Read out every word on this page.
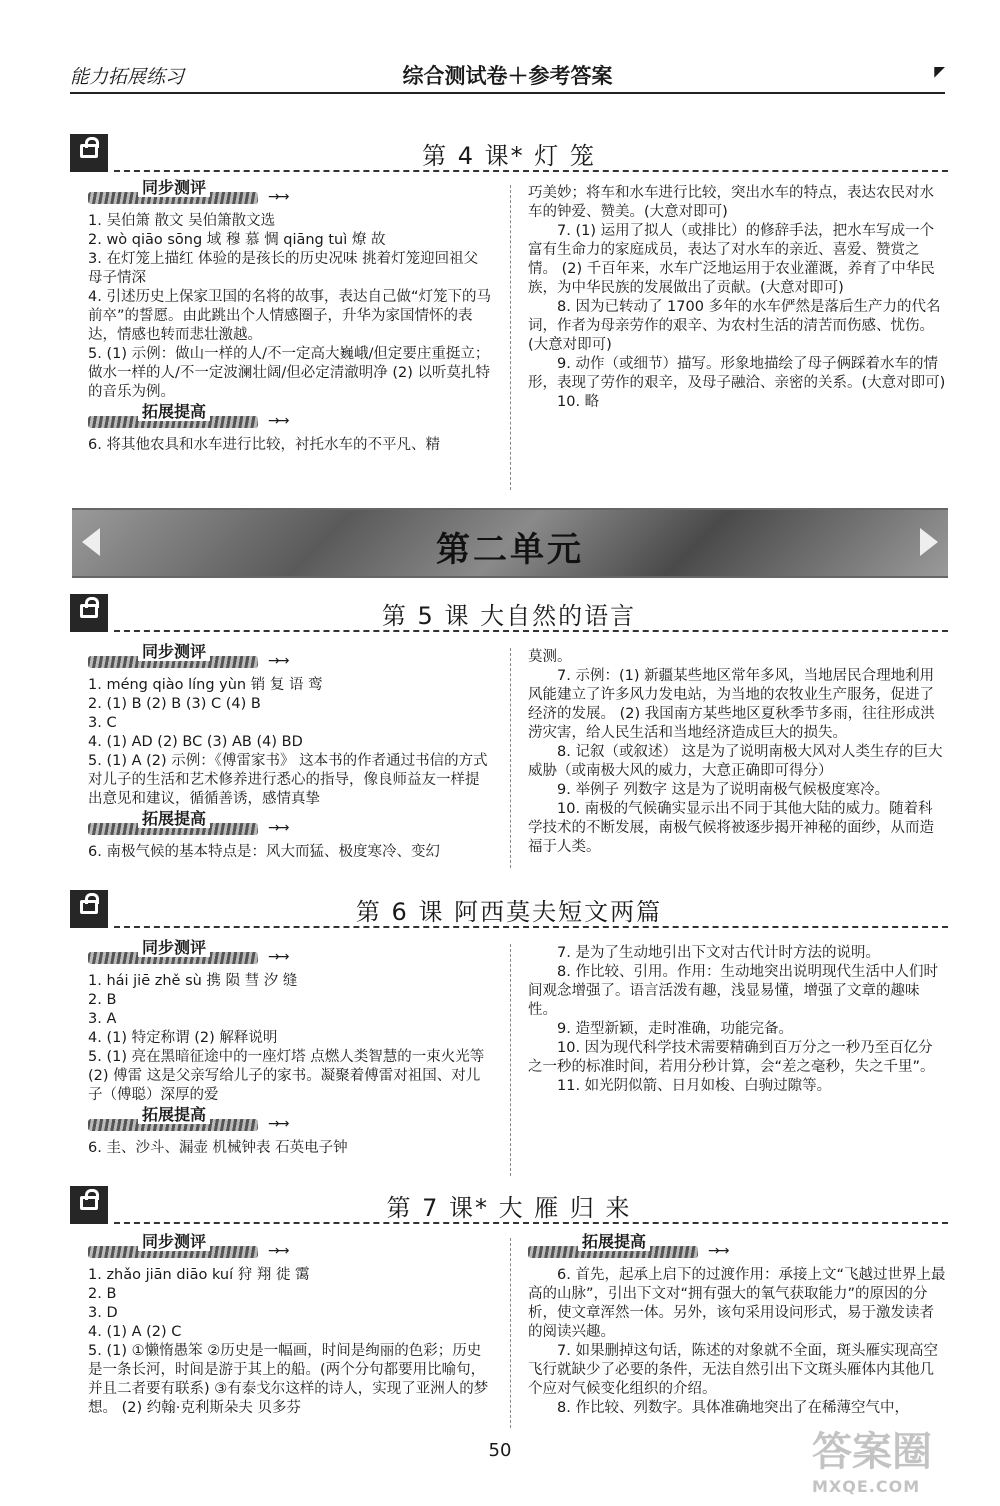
能力拓展练习	综合测试卷＋参考答案	◤
第 4 课* 灯 笼
同步测评	→→

1. 吴伯箫 散文 吴伯箫散文选

2. wò qiāo sōng 域 穆 慕 惆 qiāng tuì 燎 故

3. 在灯笼上描红 体验的是孩长的历史况味 挑着灯笼迎回祖父 母子情深

4. 引述历史上保家卫国的名将的故事，表达自己做“灯笼下的马前卒”的誓愿。由此跳出个人情感圈子，升华为家国情怀的表达，情感也转而悲壮激越。

5. (1) 示例：做山一样的人/不一定高大巍峨/但定要庄重挺立；做水一样的人/不一定波澜壮阔/但必定清澈明净 (2) 以听莫扎特的音乐为例。

拓展提高	→→

6. 将其他农具和水车进行比较，衬托水车的不平凡、精

巧美妙；将车和水车进行比较，突出水车的特点，表达农民对水车的钟爱、赞美。(大意对即可)

7. (1) 运用了拟人（或排比）的修辞手法，把水车写成一个富有生命力的家庭成员，表达了对水车的亲近、喜爱、赞赏之情。 (2) 千百年来，水车广泛地运用于农业灌溉，养育了中华民族，为中华民族的发展做出了贡献。(大意对即可)

8. 因为已转动了 1700 多年的水车俨然是落后生产力的代名词，作者为母亲劳作的艰辛、为农村生活的清苦而伤感、忧伤。(大意对即可)

9. 动作（或细节）描写。形象地描绘了母子俩踩着水车的情形，表现了劳作的艰辛，及母子融洽、亲密的关系。(大意对即可)

10. 略

第二单元
第 5 课 大自然的语言
同步测评	→→

1. méng qiào líng yùn 销 复 语 鸾

2. (1) B (2) B (3) C (4) B

3. C

4. (1) AD (2) BC (3) AB (4) BD

5. (1) A (2) 示例：《傅雷家书》 这本书的作者通过书信的方式对儿子的生活和艺术修养进行悉心的指导，像良师益友一样提出意见和建议，循循善诱，感情真挚

拓展提高	→→

6. 南极气候的基本特点是：风大而猛、极度寒冷、变幻

莫测。

7. 示例：(1) 新疆某些地区常年多风，当地居民合理地利用风能建立了许多风力发电站，为当地的农牧业生产服务，促进了经济的发展。 (2) 我国南方某些地区夏秋季节多雨，往往形成洪涝灾害，给人民生活和当地经济造成巨大的损失。

8. 记叙（或叙述） 这是为了说明南极大风对人类生存的巨大威胁（或南极大风的威力，大意正确即可得分）

9. 举例子 列数字 这是为了说明南极气候极度寒冷。

10. 南极的气候确实显示出不同于其他大陆的威力。随着科学技术的不断发展，南极气候将被逐步揭开神秘的面纱，从而造福于人类。

第 6 课 阿西莫夫短文两篇
同步测评	→→

1. hái jiē zhě sù 携 陨 彗 汐 缝

2. B

3. A

4. (1) 特定称谓 (2) 解释说明

5. (1) 亮在黑暗征途中的一座灯塔 点燃人类智慧的一束火光等 (2) 傅雷 这是父亲写给儿子的家书。凝聚着傅雷对祖国、对儿子（傅聪）深厚的爱

拓展提高	→→

6. 圭、沙斗、漏壶 机械钟表 石英电子钟

7. 是为了生动地引出下文对古代计时方法的说明。

8. 作比较、引用。作用：生动地突出说明现代生活中人们时间观念增强了。语言活泼有趣，浅显易懂，增强了文章的趣味性。

9. 造型新颖，走时准确，功能完备。

10. 因为现代科学技术需要精确到百万分之一秒乃至百亿分之一秒的标准时间，若用分秒计算，会“差之毫秒，失之千里”。

11. 如光阴似箭、日月如梭、白驹过隙等。

第 7 课* 大 雁 归 来
同步测评	→→

1. zhǎo jiān diāo kuí 狩 翔 徙 霭

2. B

3. D

4. (1) A (2) C

5. (1) ①懒惰愚笨 ②历史是一幅画，时间是绚丽的色彩；历史是一条长河，时间是游于其上的船。(两个分句都要用比喻句，并且二者要有联系) ③有泰戈尔这样的诗人，实现了亚洲人的梦想。 (2) 约翰·克利斯朵夫 贝多芬

拓展提高	→→

6. 首先，起承上启下的过渡作用：承接上文“飞越过世界上最高的山脉”，引出下文对“拥有强大的氧气获取能力”的原因的分析，使文章浑然一体。另外，该句采用设问形式，易于激发读者的阅读兴趣。

7. 如果删掉这句话，陈述的对象就不全面，斑头雁实现高空飞行就缺少了必要的条件，无法自然引出下文斑头雁体内其他几个应对气候变化组织的介绍。

8. 作比较、列数字。具体准确地突出了在稀薄空气中，

50	答案圈
MXQE.COM
